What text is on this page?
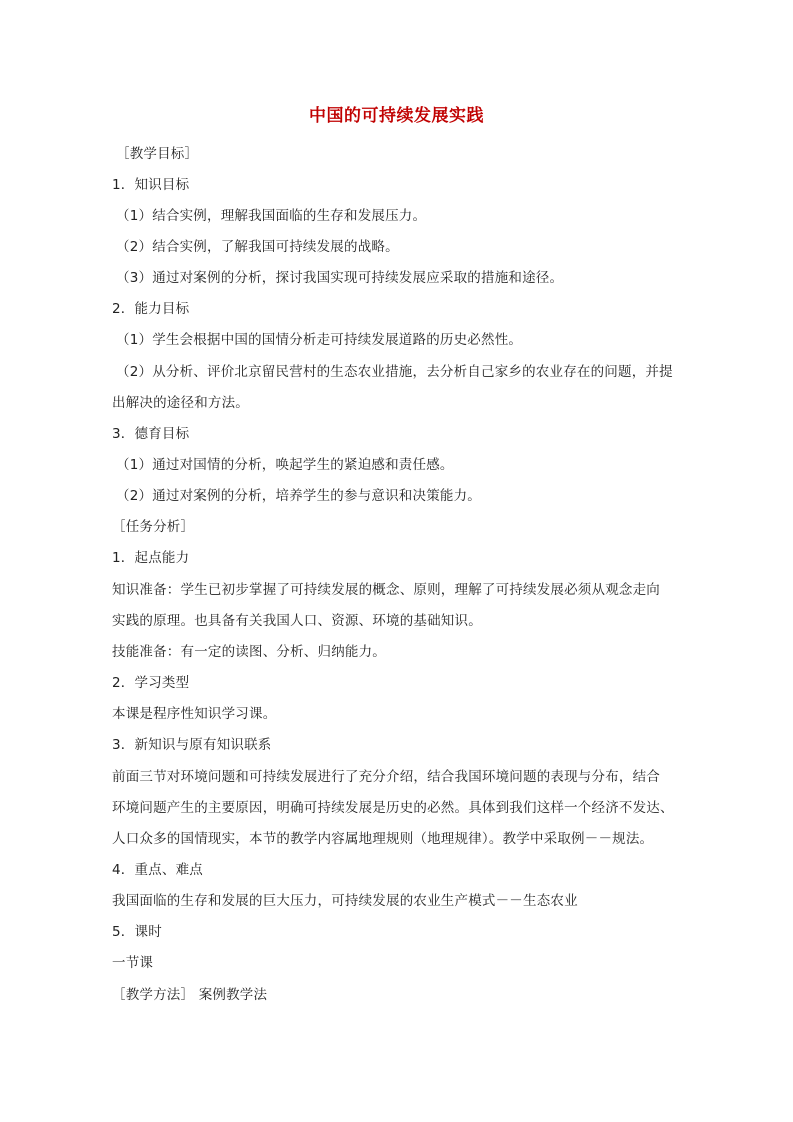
中国的可持续发展实践
［教学目标］
1．知识目标
（1）结合实例，理解我国面临的生存和发展压力。
（2）结合实例，了解我国可持续发展的战略。
（3）通过对案例的分析，探讨我国实现可持续发展应采取的措施和途径。
2．能力目标
（1）学生会根据中国的国情分析走可持续发展道路的历史必然性。
（2）从分析、评价北京留民营村的生态农业措施，去分析自己家乡的农业存在的问题，并提
出解决的途径和方法。
3．德育目标
（1）通过对国情的分析，唤起学生的紧迫感和责任感。
（2）通过对案例的分析，培养学生的参与意识和决策能力。
［任务分析］
1．起点能力
知识准备：学生已初步掌握了可持续发展的概念、原则，理解了可持续发展必须从观念走向
实践的原理。也具备有关我国人口、资源、环境的基础知识。
技能准备：有一定的读图、分析、归纳能力。
2．学习类型
本课是程序性知识学习课。
3．新知识与原有知识联系
前面三节对环境问题和可持续发展进行了充分介绍，结合我国环境问题的表现与分布，结合
环境问题产生的主要原因，明确可持续发展是历史的必然。具体到我们这样一个经济不发达、
人口众多的国情现实，本节的教学内容属地理规则（地理规律）。教学中采取例－－规法。
4．重点、难点
我国面临的生存和发展的巨大压力，可持续发展的农业生产模式－－生态农业
5．课时
一节课
［教学方法］ 案例教学法
